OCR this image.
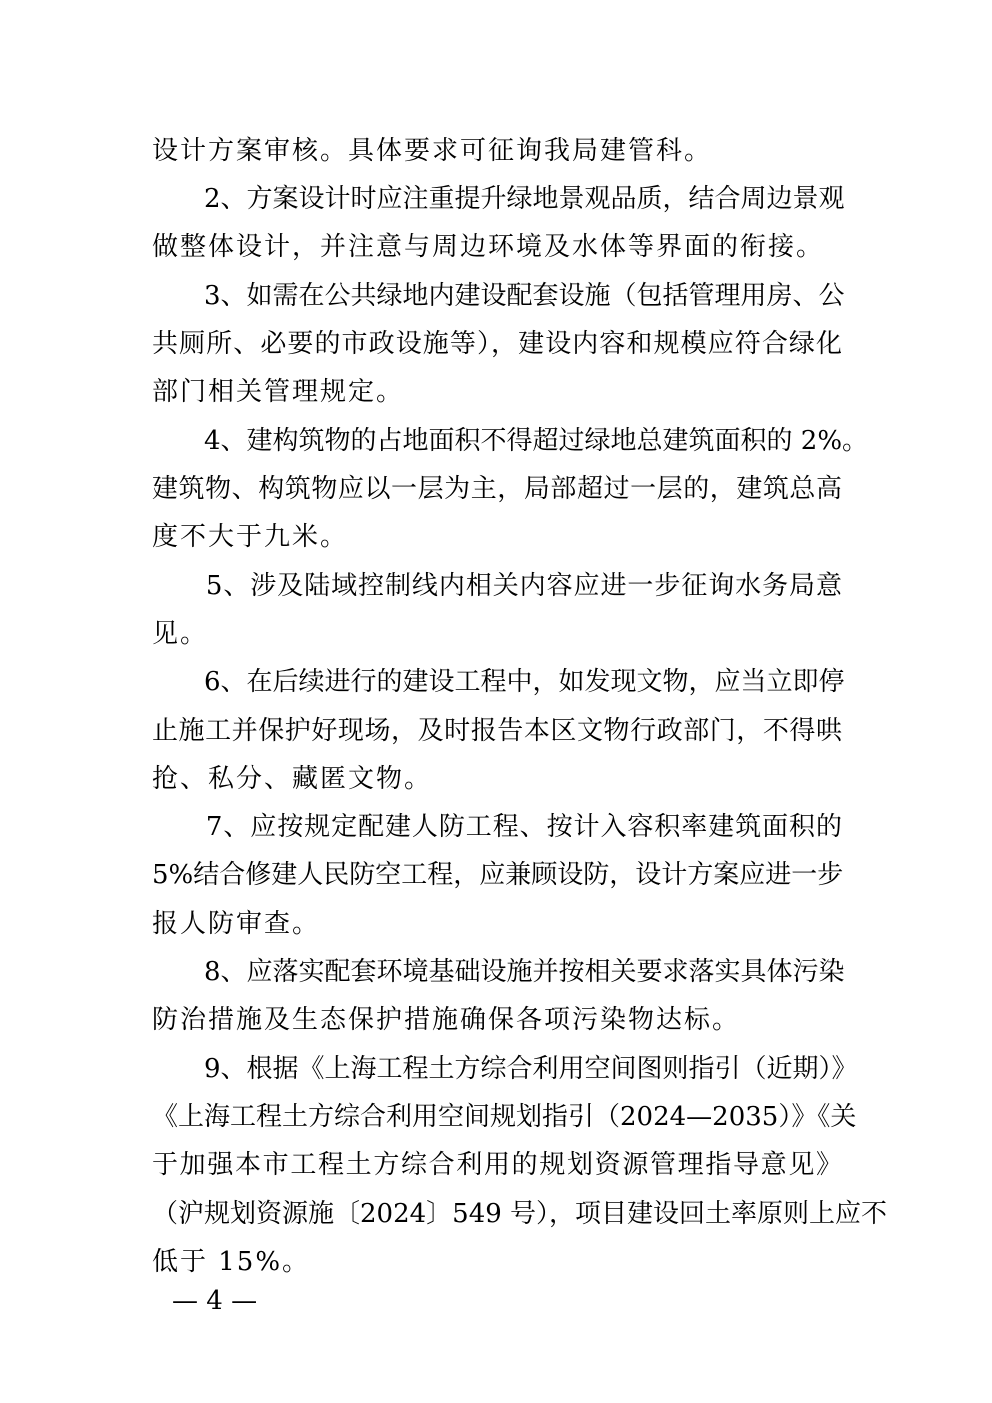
设计方案审核。具体要求可征询我局建管科。
　　2、方案设计时应注重提升绿地景观品质，结合周边景观
做整体设计，并注意与周边环境及水体等界面的衔接。
　　3、如需在公共绿地内建设配套设施（包括管理用房、公
共厕所、必要的市政设施等），建设内容和规模应符合绿化
部门相关管理规定。
　　4、建构筑物的占地面积不得超过绿地总建筑面积的 2%。
建筑物、构筑物应以一层为主，局部超过一层的，建筑总高
度不大于九米。
　　5、涉及陆域控制线内相关内容应进一步征询水务局意
见。
　　6、在后续进行的建设工程中，如发现文物，应当立即停
止施工并保护好现场，及时报告本区文物行政部门，不得哄
抢、私分、藏匿文物。
　　7、应按规定配建人防工程、按计入容积率建筑面积的
5%结合修建人民防空工程，应兼顾设防，设计方案应进一步
报人防审查。
　　8、应落实配套环境基础设施并按相关要求落实具体污染
防治措施及生态保护措施确保各项污染物达标。
　　9、根据《上海工程土方综合利用空间图则指引（近期）》
《上海工程土方综合利用空间规划指引（2024—2035）》《关
于加强本市工程土方综合利用的规划资源管理指导意见》
（沪规划资源施〔2024〕549 号），项目建设回土率原则上应不
低于 15%。
— 4 —
